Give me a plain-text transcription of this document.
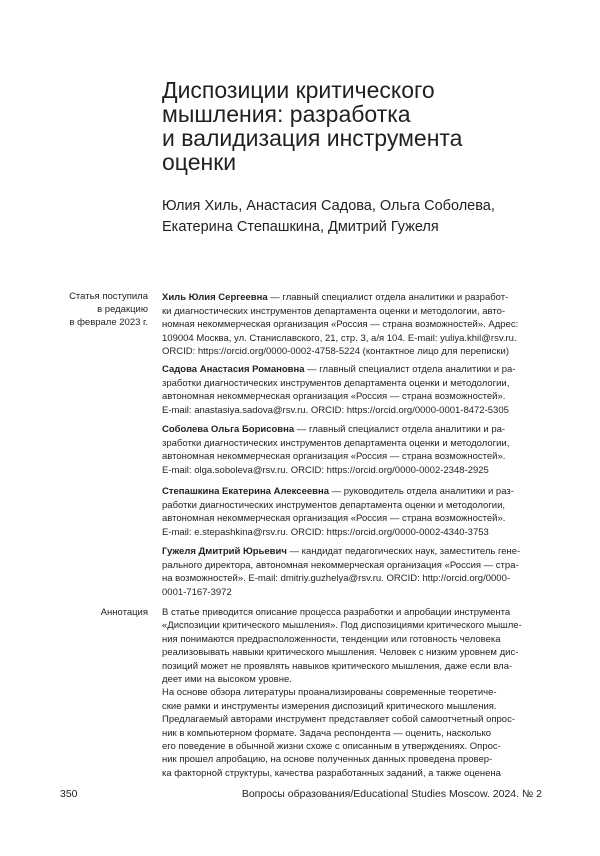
Диспозиции критического
мышления: разработка
и валидизация инструмента
оценки
Юлия Хиль, Анастасия Садова, Ольга Соболева,
Екатерина Степашкина, Дмитрий Гужеля
Статья поступила
в редакцию
в феврале 2023 г.
Хиль Юлия Сергеевна — главный специалист отдела аналитики и разработ-
ки диагностических инструментов департамента оценки и методологии, авто-
номная некоммерческая организация «Россия — страна возможностей». Адрес:
109004 Москва, ул. Станиславского, 21, стр. 3, а/я 104. E-mail: yuliya.khil@rsv.ru.
ORCID: https://orcid.org/0000-0002-4758-5224 (контактное лицо для переписки)
Садова Анастасия Романовна — главный специалист отдела аналитики и ра-
зработки диагностических инструментов департамента оценки и методологии,
автономная некоммерческая организация «Россия — страна возможностей».
E-mail: anastasiya.sadova@rsv.ru. ORCID: https://orcid.org/0000-0001-8472-5305
Соболева Ольга Борисовна — главный специалист отдела аналитики и ра-
зработки диагностических инструментов департамента оценки и методологии,
автономная некоммерческая организация «Россия — страна возможностей».
E-mail: olga.soboleva@rsv.ru. ORCID: https://orcid.org/0000-0002-2348-2925
Степашкина Екатерина Алексеевна — руководитель отдела аналитики и раз-
работки диагностических инструментов департамента оценки и методологии,
автономная некоммерческая организация «Россия — страна возможностей».
E-mail: e.stepashkina@rsv.ru. ORCID: https://orcid.org/0000-0002-4340-3753
Гужеля Дмитрий Юрьевич — кандидат педагогических наук, заместитель гене-
рального директора, автономная некоммерческая организация «Россия — стра-
на возможностей». E-mail: dmitriy.guzhelya@rsv.ru. ORCID: http://orcid.org/0000-
0001-7167-3972
Аннотация В статье приводится описание процесса разработки и апробации инструмента
«Диспозиции критического мышления». Под диспозициями критического мышле-
ния понимаются предрасположенности, тенденции или готовность человека
реализовывать навыки критического мышления. Человек с низким уровнем дис-
позиций может не проявлять навыков критического мышления, даже если вла-
деет ими на высоком уровне.
На основе обзора литературы проанализированы современные теоретиче-
ские рамки и инструменты измерения диспозиций критического мышления.
Предлагаемый авторами инструмент представляет собой самоотчетный опрос-
ник в компьютерном формате. Задача респондента — оценить, насколько
его поведение в обычной жизни схоже с описанным в утверждениях. Опрос-
ник прошел апробацию, на основе полученных данных проведена провер-
ка факторной структуры, качества разработанных заданий, а также оценена
350	Вопросы образования/Educational Studies Moscow. 2024. № 2
